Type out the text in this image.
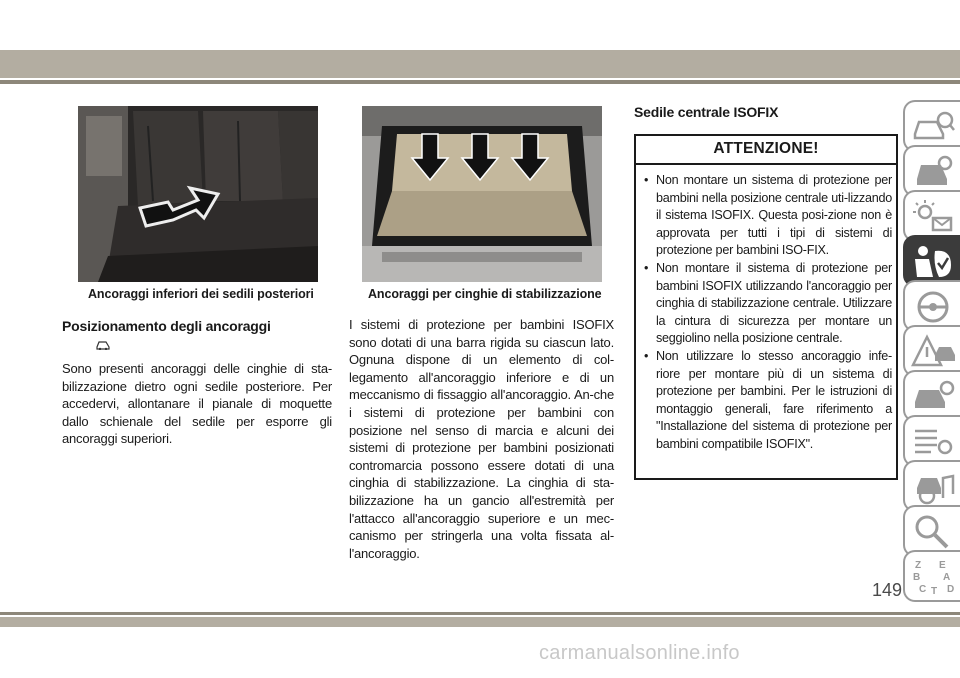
Ancoraggi inferiori dei sedili posteriori	Ancoraggi per cinghie di stabilizzazione
Posizionamento degli ancoraggi
Sono presenti ancoraggi delle cinghie di sta-bilizzazione dietro ogni sedile posteriore. Per accedervi, allontanare il pianale di moquette dallo schienale del sedile per esporre gli ancoraggi superiori.
I sistemi di protezione per bambini ISOFIX sono dotati di una barra rigida su ciascun lato. Ognuna dispone di un elemento di col-legamento all'ancoraggio inferiore e di un meccanismo di fissaggio all'ancoraggio. An-che i sistemi di protezione per bambini con posizione nel senso di marcia e alcuni dei sistemi di protezione per bambini posizionati contromarcia possono essere dotati di una cinghia di stabilizzazione. La cinghia di sta-bilizzazione ha un gancio all'estremità per l'attacco all'ancoraggio superiore e un mec-canismo per stringerla una volta fissata al-l'ancoraggio.
Sedile centrale ISOFIX
ATTENZIONE!
• Non montare un sistema di protezione per bambini nella posizione centrale uti-lizzando il sistema ISOFIX. Questa posi-zione non è approvata per tutti i tipi di sistemi di protezione per bambini ISO-FIX.
• Non montare il sistema di protezione per bambini ISOFIX utilizzando l'ancoraggio per cinghia di stabilizzazione centrale. Utilizzare la cintura di sicurezza per montare un seggiolino nella posizione centrale.
• Non utilizzare lo stesso ancoraggio infe-riore per montare più di un sistema di protezione per bambini. Per le istruzioni di montaggio generali, fare riferimento a "Installazione del sistema di protezione per bambini compatibile ISOFIX".
Z E
B A
C D
T
149
carmanualsonline.info
